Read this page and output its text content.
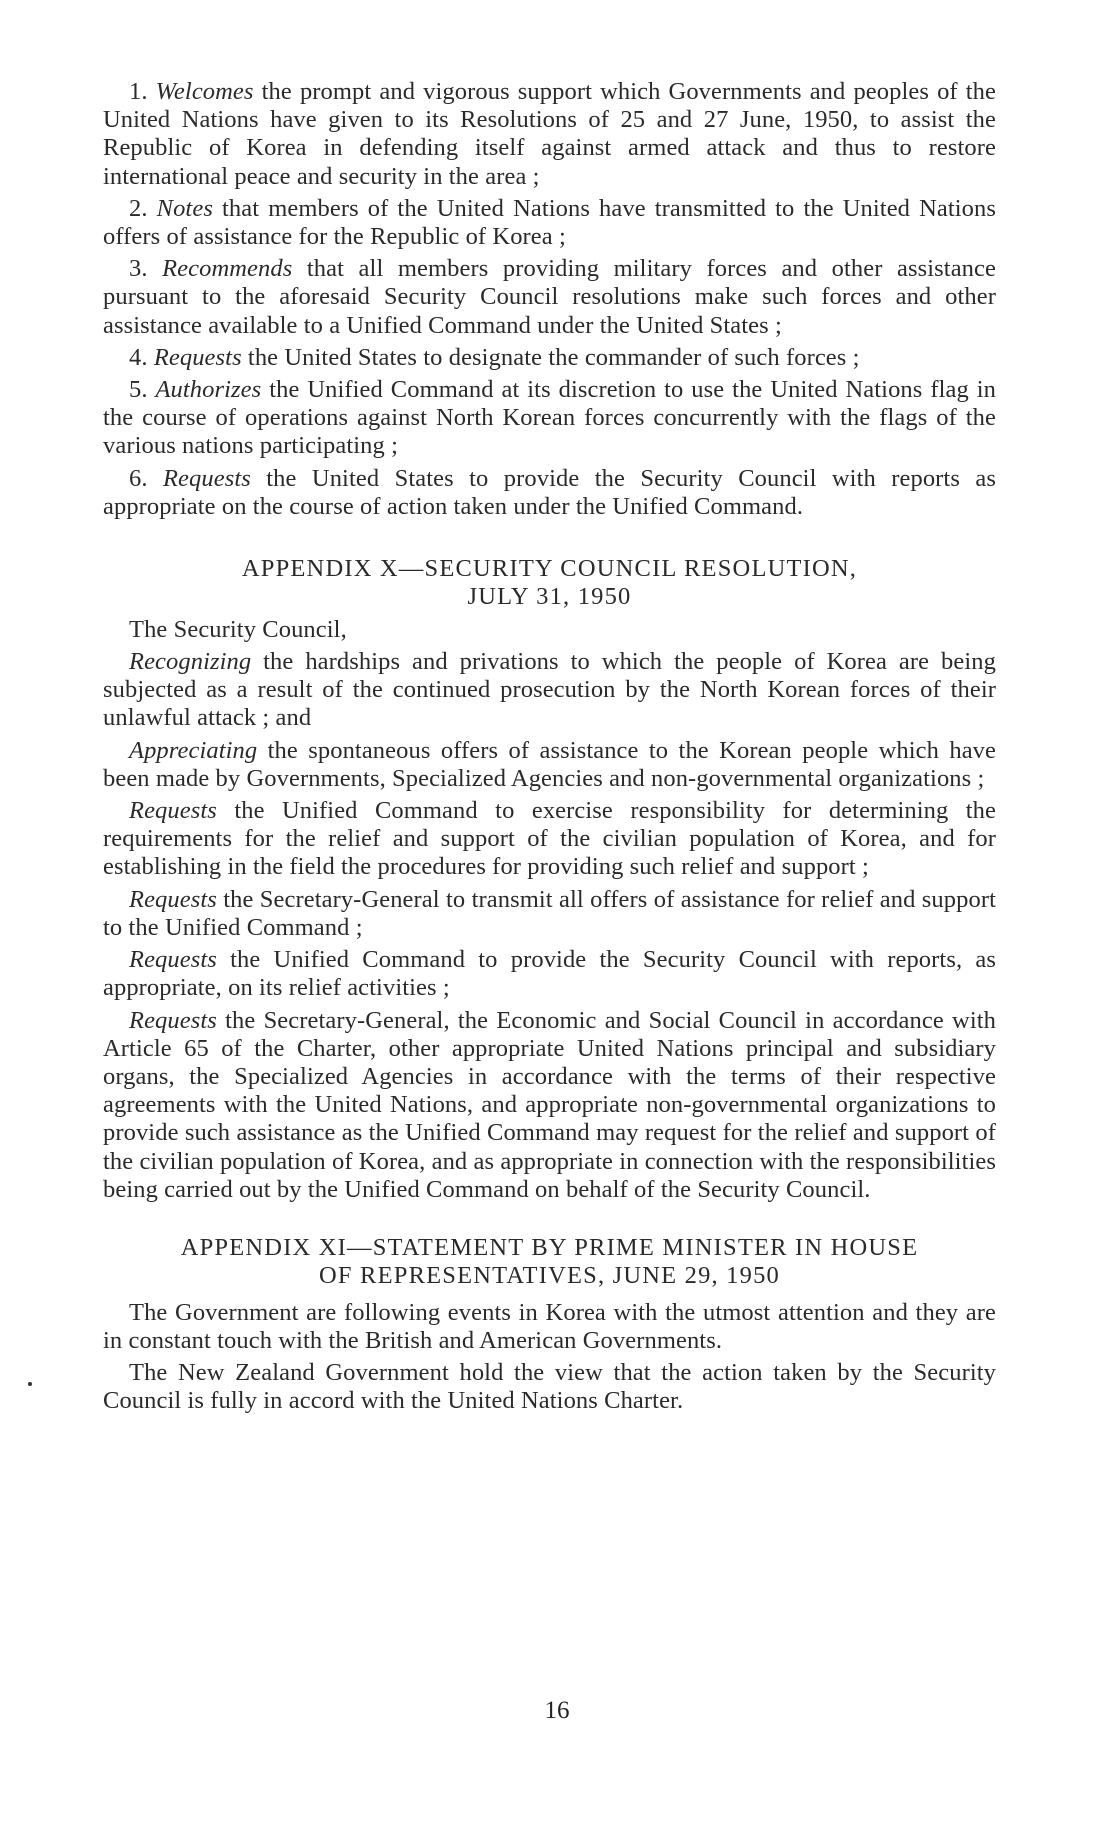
1. Welcomes the prompt and vigorous support which Governments and peoples of the United Nations have given to its Resolutions of 25 and 27 June, 1950, to assist the Republic of Korea in defending itself against armed attack and thus to restore international peace and security in the area ;

2. Notes that members of the United Nations have transmitted to the United Nations offers of assistance for the Republic of Korea ;

3. Recommends that all members providing military forces and other assistance pursuant to the aforesaid Security Council resolutions make such forces and other assistance available to a Unified Command under the United States ;

4. Requests the United States to designate the commander of such forces ;

5. Authorizes the Unified Command at its discretion to use the United Nations flag in the course of operations against North Korean forces concurrently with the flags of the various nations participating ;

6. Requests the United States to provide the Security Council with reports as appropriate on the course of action taken under the Unified Command.

APPENDIX X—SECURITY COUNCIL RESOLUTION,
JULY 31, 1950

The Security Council,

Recognizing the hardships and privations to which the people of Korea are being subjected as a result of the continued prosecution by the North Korean forces of their unlawful attack ; and

Appreciating the spontaneous offers of assistance to the Korean people which have been made by Governments, Specialized Agencies and non-governmental organizations ;

Requests the Unified Command to exercise responsibility for determining the requirements for the relief and support of the civilian population of Korea, and for establishing in the field the procedures for providing such relief and support ;

Requests the Secretary-General to transmit all offers of assistance for relief and support to the Unified Command ;

Requests the Unified Command to provide the Security Council with reports, as appropriate, on its relief activities ;

Requests the Secretary-General, the Economic and Social Council in accordance with Article 65 of the Charter, other appropriate United Nations principal and subsidiary organs, the Specialized Agencies in accordance with the terms of their respective agreements with the United Nations, and appropriate non-governmental organizations to provide such assistance as the Unified Command may request for the relief and support of the civilian population of Korea, and as appropriate in connection with the responsibilities being carried out by the Unified Command on behalf of the Security Council.

APPENDIX XI—STATEMENT BY PRIME MINISTER IN HOUSE
OF REPRESENTATIVES, JUNE 29, 1950

The Government are following events in Korea with the utmost attention and they are in constant touch with the British and American Governments.

The New Zealand Government hold the view that the action taken by the Security Council is fully in accord with the United Nations Charter.

16
